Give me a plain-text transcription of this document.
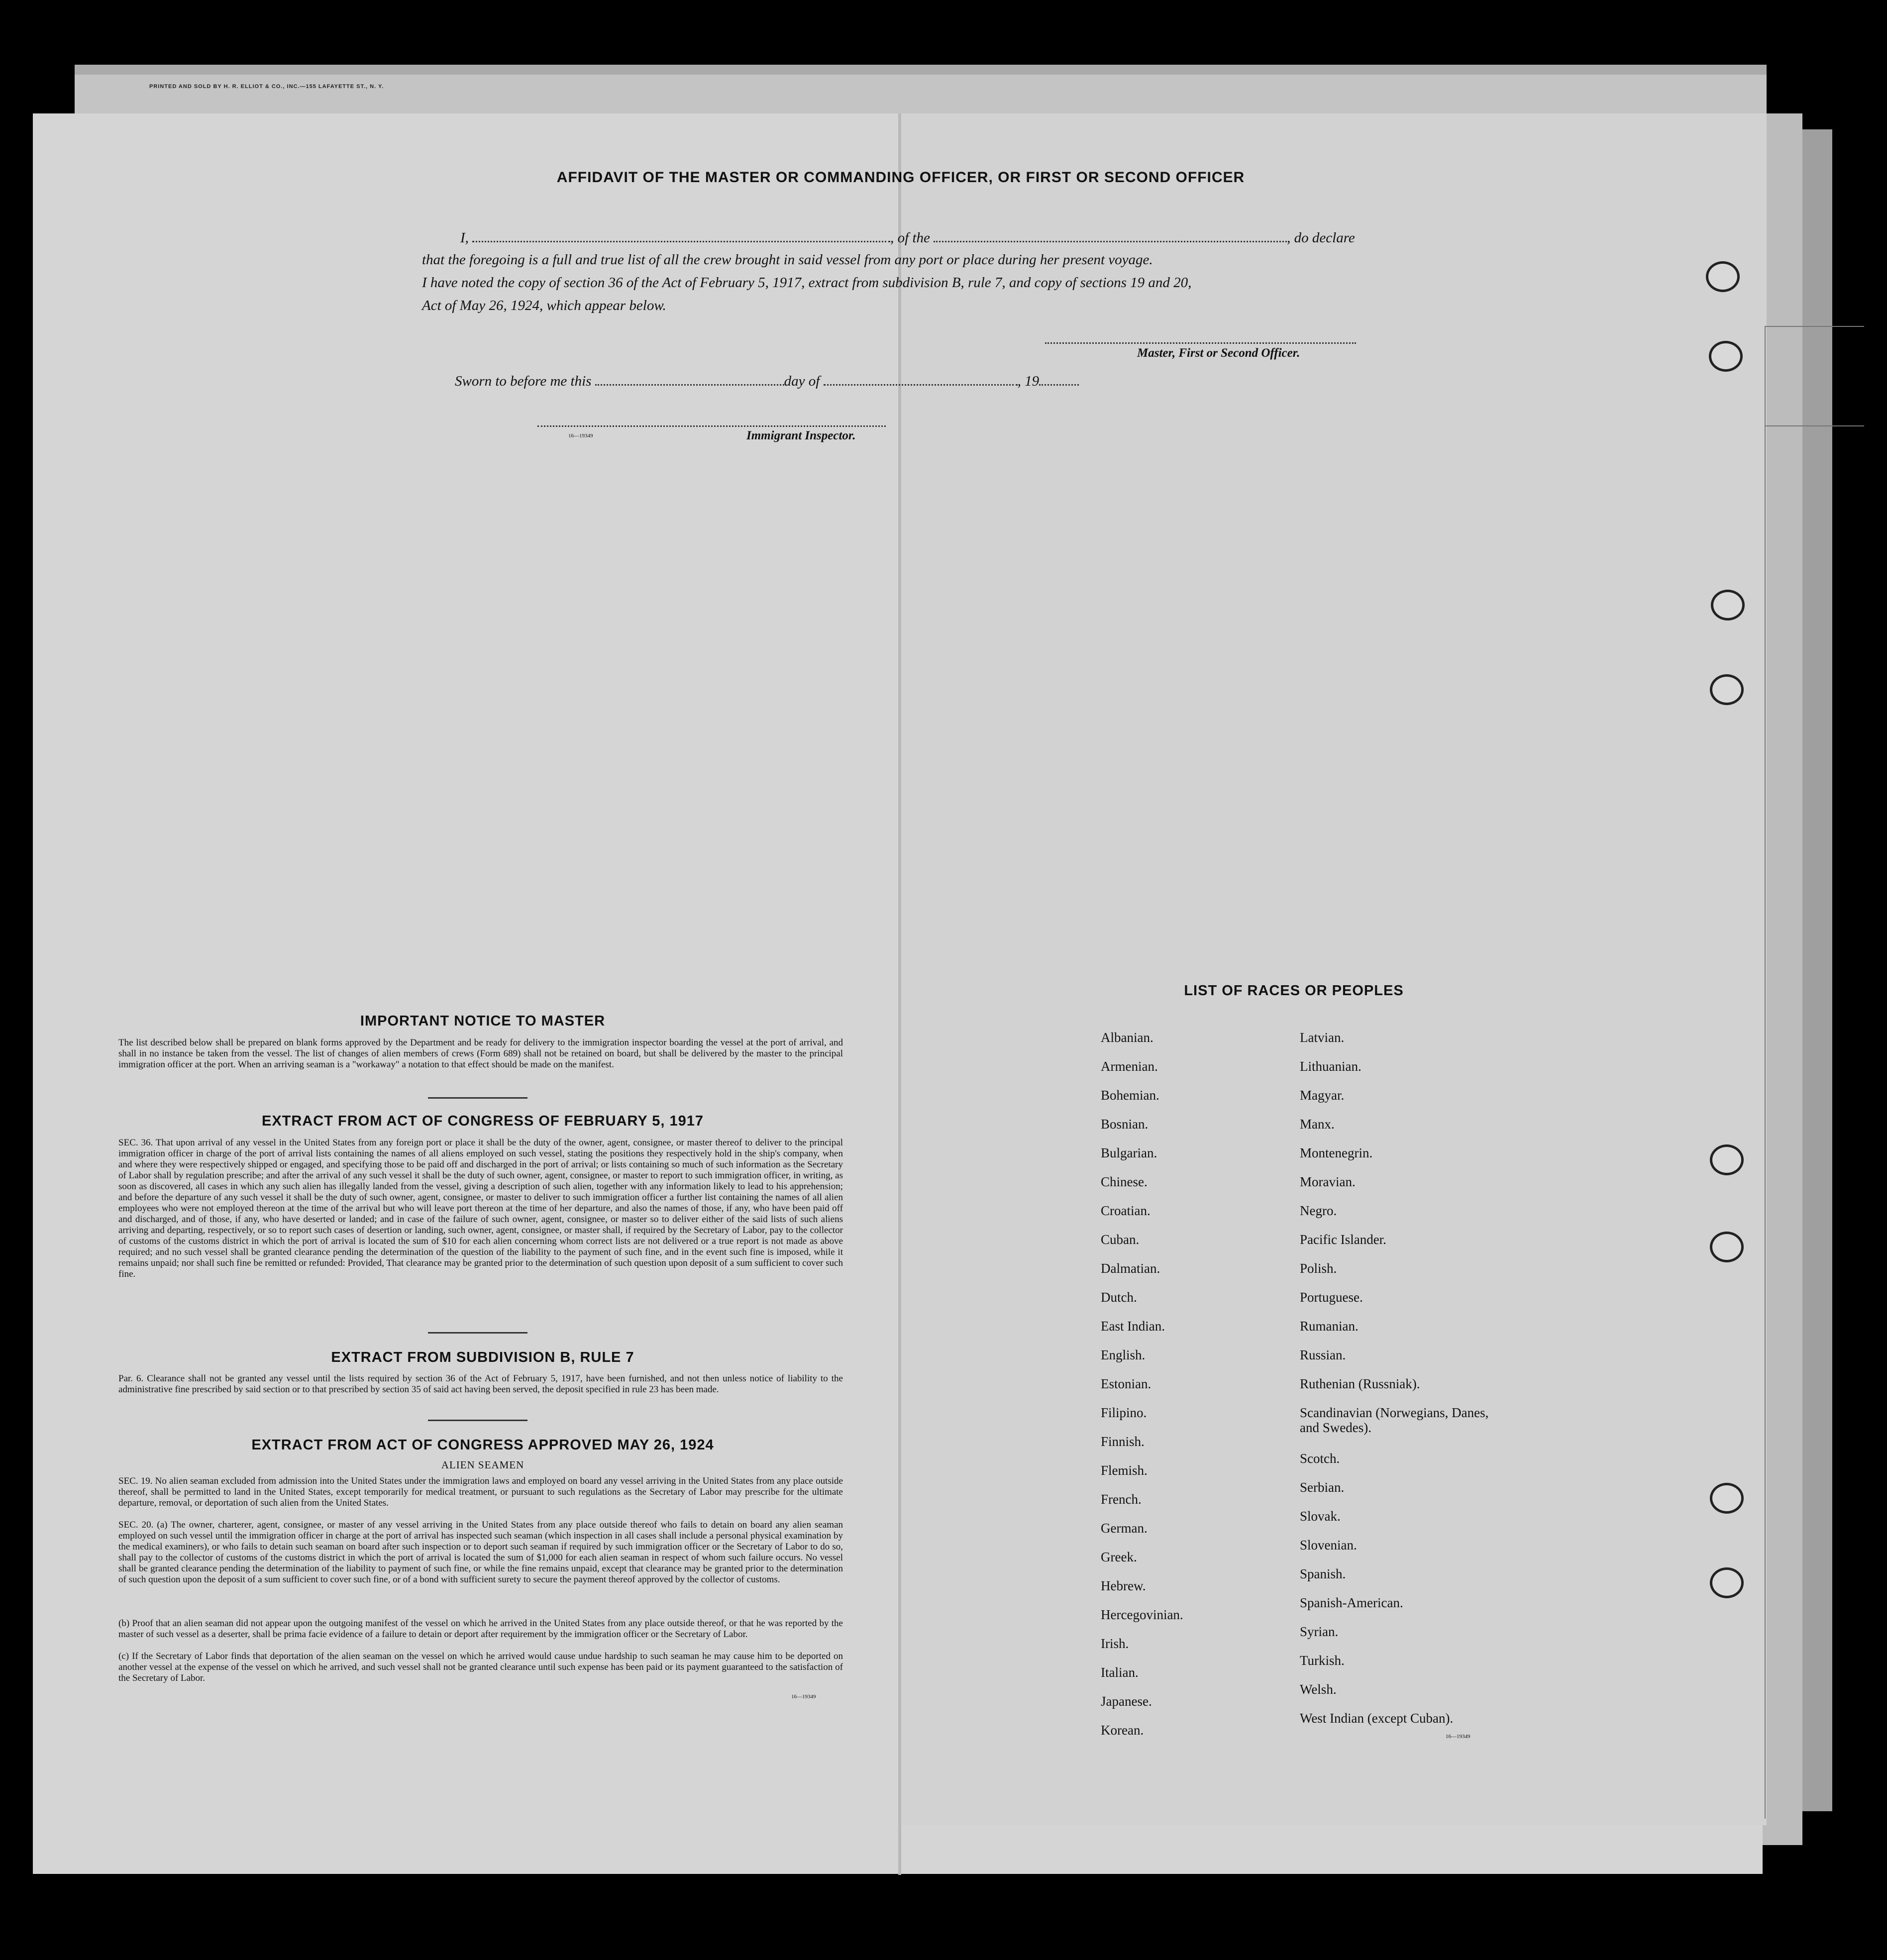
PRINTED AND SOLD BY H. R. ELLIOT & CO., INC.—155 LAFAYETTE ST., N. Y.
AFFIDAVIT OF THE MASTER OR COMMANDING OFFICER, OR FIRST OR SECOND OFFICER
I,	, of the	, do declare
that the foregoing is a full and true list of all the crew brought in said vessel from any port or place during her present voyage.
I have noted the copy of section 36 of the Act of February 5, 1917, extract from subdivision B, rule 7, and copy of sections 19 and 20,
Act of May 26, 1924, which appear below.
Master, First or Second Officer.
Sworn to before me this	day of	, 19
16—19349	Immigrant Inspector.
IMPORTANT NOTICE TO MASTER
The list described below shall be prepared on blank forms approved by the Department and be ready for delivery to the immigration inspector boarding the vessel at the port of arrival, and shall in no instance be taken from the vessel. The list of changes of alien members of crews (Form 689) shall not be retained on board, but shall be delivered by the master to the principal immigration officer at the port. When an arriving seaman is a "workaway" a notation to that effect should be made on the manifest.
EXTRACT FROM ACT OF CONGRESS OF FEBRUARY 5, 1917
SEC. 36. That upon arrival of any vessel in the United States from any foreign port or place it shall be the duty of the owner, agent, consignee, or master thereof to deliver to the principal immigration officer in charge of the port of arrival lists containing the names of all aliens employed on such vessel, stating the positions they respectively hold in the ship's company, when and where they were respectively shipped or engaged, and specifying those to be paid off and discharged in the port of arrival; or lists containing so much of such information as the Secretary of Labor shall by regulation prescribe; and after the arrival of any such vessel it shall be the duty of such owner, agent, consignee, or master to report to such immigration officer, in writing, as soon as discovered, all cases in which any such alien has illegally landed from the vessel, giving a description of such alien, together with any information likely to lead to his apprehension; and before the departure of any such vessel it shall be the duty of such owner, agent, consignee, or master to deliver to such immigration officer a further list containing the names of all alien employees who were not employed thereon at the time of the arrival but who will leave port thereon at the time of her departure, and also the names of those, if any, who have been paid off and discharged, and of those, if any, who have deserted or landed; and in case of the failure of such owner, agent, consignee, or master so to deliver either of the said lists of such aliens arriving and departing, respectively, or so to report such cases of desertion or landing, such owner, agent, consignee, or master shall, if required by the Secretary of Labor, pay to the collector of customs of the customs district in which the port of arrival is located the sum of $10 for each alien concerning whom correct lists are not delivered or a true report is not made as above required; and no such vessel shall be granted clearance pending the determination of the question of the liability to the payment of such fine, and in the event such fine is imposed, while it remains unpaid; nor shall such fine be remitted or refunded: Provided, That clearance may be granted prior to the determination of such question upon deposit of a sum sufficient to cover such fine.
EXTRACT FROM SUBDIVISION B, RULE 7
Par. 6. Clearance shall not be granted any vessel until the lists required by section 36 of the Act of February 5, 1917, have been furnished, and not then unless notice of liability to the administrative fine prescribed by said section or to that prescribed by section 35 of said act having been served, the deposit specified in rule 23 has been made.
EXTRACT FROM ACT OF CONGRESS APPROVED MAY 26, 1924
ALIEN SEAMEN
SEC. 19. No alien seaman excluded from admission into the United States under the immigration laws and employed on board any vessel arriving in the United States from any place outside thereof, shall be permitted to land in the United States, except temporarily for medical treatment, or pursuant to such regulations as the Secretary of Labor may prescribe for the ultimate departure, removal, or deportation of such alien from the United States.
SEC. 20. (a) The owner, charterer, agent, consignee, or master of any vessel arriving in the United States from any place outside thereof who fails to detain on board any alien seaman employed on such vessel until the immigration officer in charge at the port of arrival has inspected such seaman (which inspection in all cases shall include a personal physical examination by the medical examiners), or who fails to detain such seaman on board after such inspection or to deport such seaman if required by such immigration officer or the Secretary of Labor to do so, shall pay to the collector of customs of the customs district in which the port of arrival is located the sum of $1,000 for each alien seaman in respect of whom such failure occurs. No vessel shall be granted clearance pending the determination of the liability to payment of such fine, or while the fine remains unpaid, except that clearance may be granted prior to the determination of such question upon the deposit of a sum sufficient to cover such fine, or of a bond with sufficient surety to secure the payment thereof approved by the collector of customs.
(b) Proof that an alien seaman did not appear upon the outgoing manifest of the vessel on which he arrived in the United States from any place outside thereof, or that he was reported by the master of such vessel as a deserter, shall be prima facie evidence of a failure to detain or deport after requirement by the immigration officer or the Secretary of Labor.
(c) If the Secretary of Labor finds that deportation of the alien seaman on the vessel on which he arrived would cause undue hardship to such seaman he may cause him to be deported on another vessel at the expense of the vessel on which he arrived, and such vessel shall not be granted clearance until such expense has been paid or its payment guaranteed to the satisfaction of the Secretary of Labor.
16—19349
LIST OF RACES OR PEOPLES
Albanian.
Armenian.
Bohemian.
Bosnian.
Bulgarian.
Chinese.
Croatian.
Cuban.
Dalmatian.
Dutch.
East Indian.
English.
Estonian.
Filipino.
Finnish.
Flemish.
French.
German.
Greek.
Hebrew.
Hercegovinian.
Irish.
Italian.
Japanese.
Korean.
Latvian.
Lithuanian.
Magyar.
Manx.
Montenegrin.
Moravian.
Negro.
Pacific Islander.
Polish.
Portuguese.
Rumanian.
Russian.
Ruthenian (Russniak).
Scandinavian (Norwegians, Danes, and Swedes).
Scotch.
Serbian.
Slovak.
Slovenian.
Spanish.
Spanish-American.
Syrian.
Turkish.
Welsh.
West Indian (except Cuban).
16—19349
